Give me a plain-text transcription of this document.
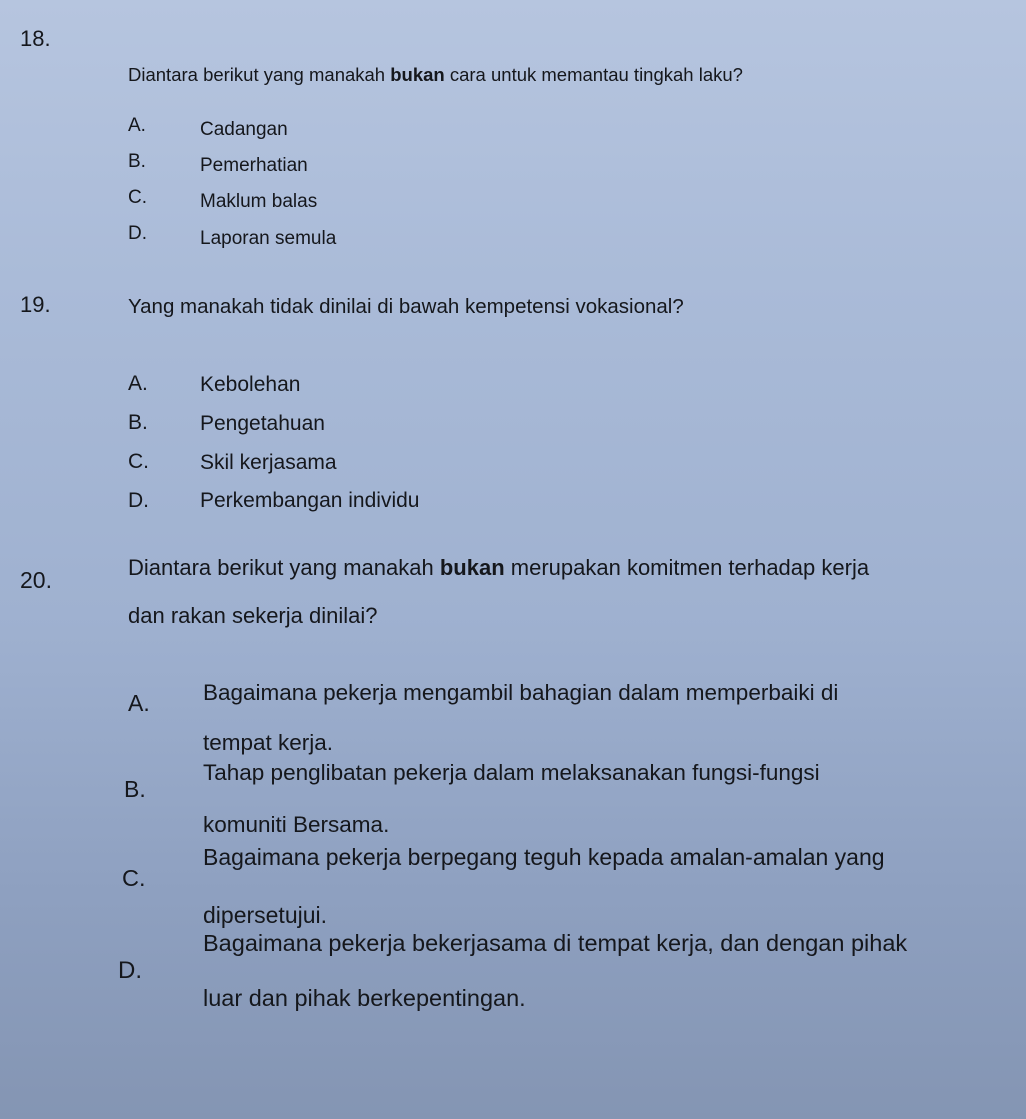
18.
Diantara berikut yang manakah bukan cara untuk memantau tingkah laku?
A.	Cadangan
B.	Pemerhatian
C.	Maklum balas
D.	Laporan semula
19.	Yang manakah tidak dinilai di bawah kempetensi vokasional?
A. Kebolehan
B. Pengetahuan
C. Skil kerjasama
D. Perkembangan individu
20.	Diantara berikut yang manakah bukan merupakan komitmen terhadap kerja
dan rakan sekerja dinilai?
A. Bagaimana pekerja mengambil bahagian dalam memperbaiki di
tempat kerja.
B.
Tahap penglibatan pekerja dalam melaksanakan fungsi-fungsi
komuniti Bersama.
C.
Bagaimana pekerja berpegang teguh kepada amalan-amalan yang
dipersetujui.
D.
Bagaimana pekerja bekerjasama di tempat kerja, dan dengan pihak
luar dan pihak berkepentingan.
